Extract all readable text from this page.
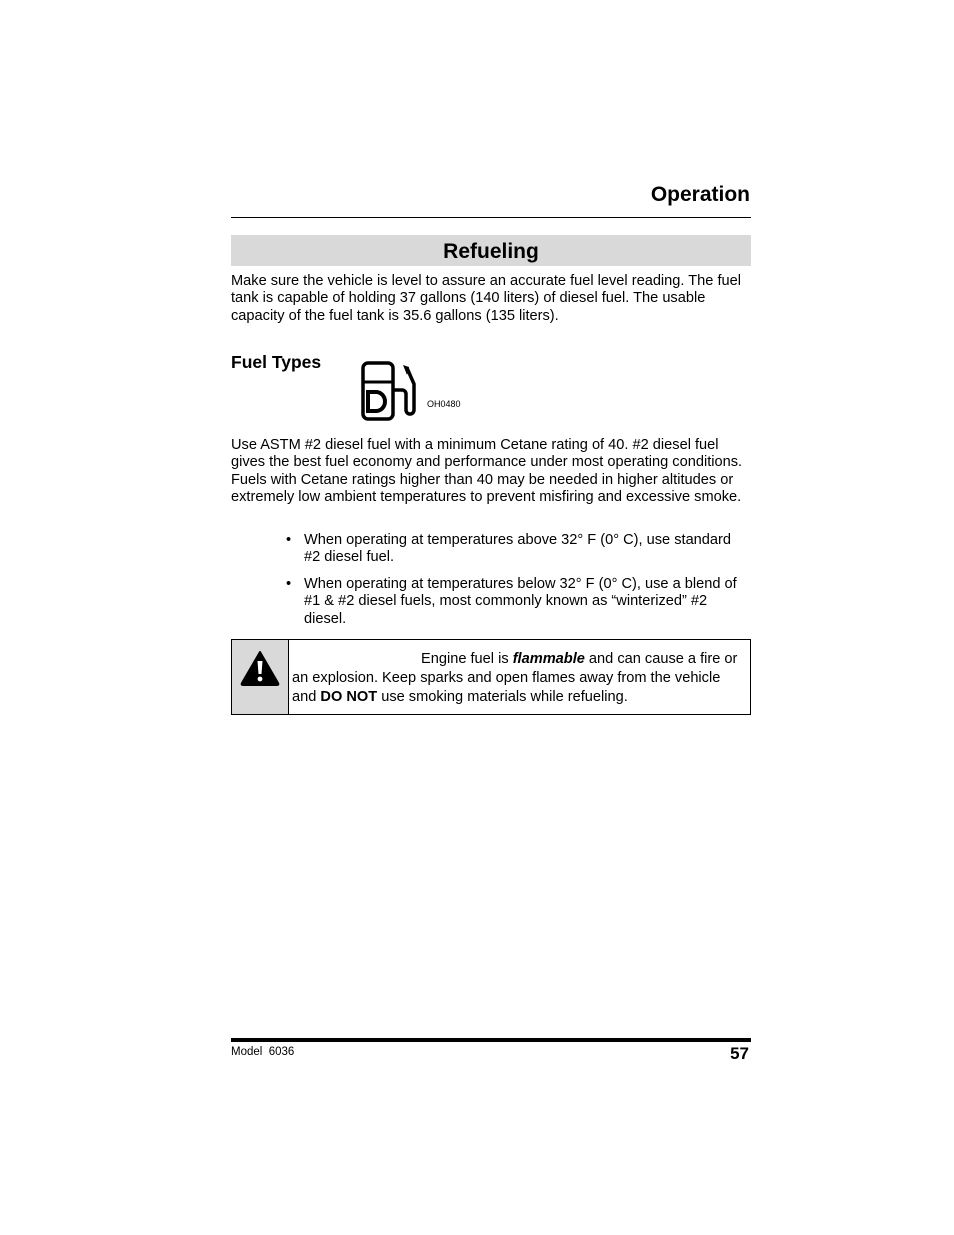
Operation
Refueling
Make sure the vehicle is level to assure an accurate fuel level reading. The fuel tank is capable of holding 37 gallons (140 liters) of diesel fuel. The usable capacity of the fuel tank is 35.6 gallons (135 liters).
Fuel Types
OH0480
Use ASTM #2 diesel fuel with a minimum Cetane rating of 40. #2 diesel fuel gives the best fuel economy and performance under most operating conditions. Fuels with Cetane ratings higher than 40 may be needed in higher altitudes or extremely low ambient temperatures to prevent misfiring and excessive smoke.
• When operating at temperatures above 32° F (0° C), use standard #2 diesel fuel.
• When operating at temperatures below 32° F (0° C), use a blend of #1 & #2 diesel fuels, most commonly known as “winterized” #2 diesel.
Engine fuel is flammable and can cause a fire or an explosion. Keep sparks and open flames away from the vehicle and DO NOT use smoking materials while refueling.
Model  6036	57
